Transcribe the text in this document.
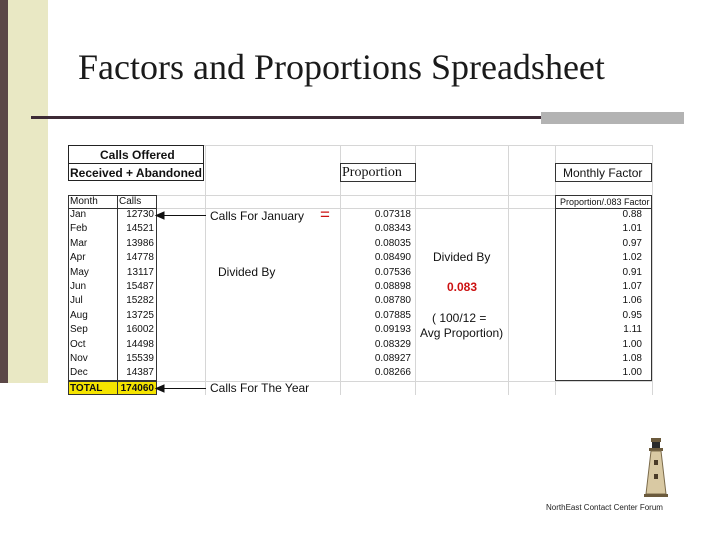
Factors and Proportions Spreadsheet
Calls Offered
Received + Abandoned	Proportion	Monthly Factor
Month Calls	Proportion/.083 Factor
Calls For January =
Divided By
Divided By
0.083
( 100/12 =
Avg Proportion)
Calls For The Year
Jan	12730	0.07318	0.88
Feb	14521	0.08343	1.01
Mar	13986	0.08035	0.97
Apr	14778	0.08490	1.02
May	13117	0.07536	0.91
Jun	15487	0.08898	1.07
Jul	15282	0.08780	1.06
Aug	13725	0.07885	0.95
Sep	16002	0.09193	1.11
Oct	14498	0.08329	1.00
Nov	15539	0.08927	1.08
Dec	14387	0.08266	1.00
TOTAL 174060
NorthEast Contact Center Forum
